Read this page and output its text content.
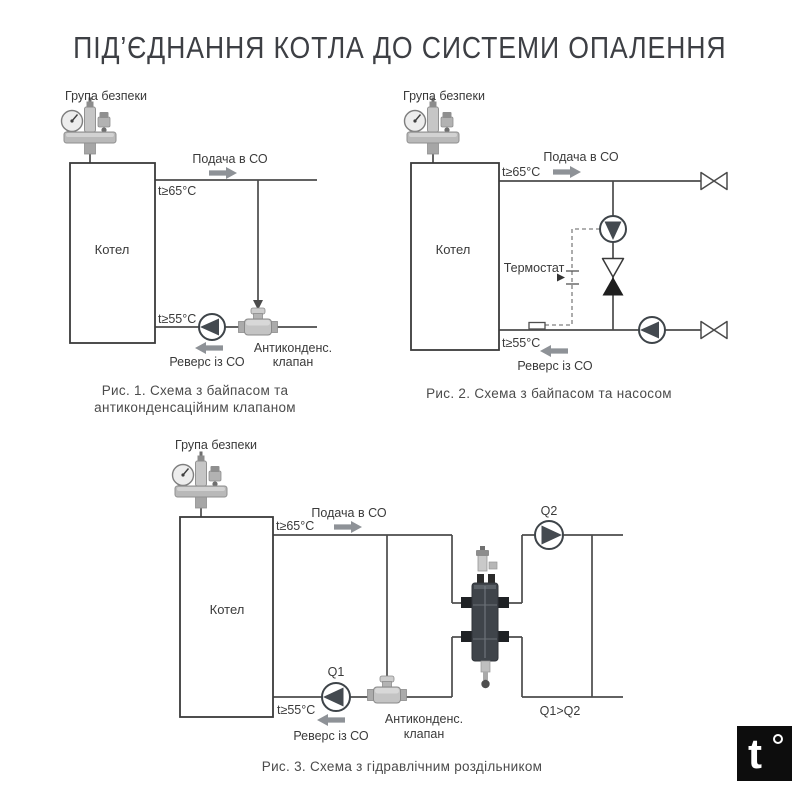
ПІД’ЄДНАННЯ КОТЛА ДО СИСТЕМИ ОПАЛЕННЯ
Група безпеки
Котел
Подача в СО
t≥65°C
t≥55°C
Реверс із СО
Антиконденс.
клапан
Рис. 1. Схема з байпасом та
антиконденсаційним клапаном
Група безпеки
Котел
Подача в СО
t≥65°C
Термостат
t≥55°C
Реверс із СО
Рис. 2. Схема з байпасом та насосом
Група безпеки
Котел
Подача в СО
t≥65°C
Q1
Q2
t≥55°C
Реверс із СО
Антиконденс.
клапан
Q1>Q2
Рис. 3. Схема з гідравлічним роздільником	t
